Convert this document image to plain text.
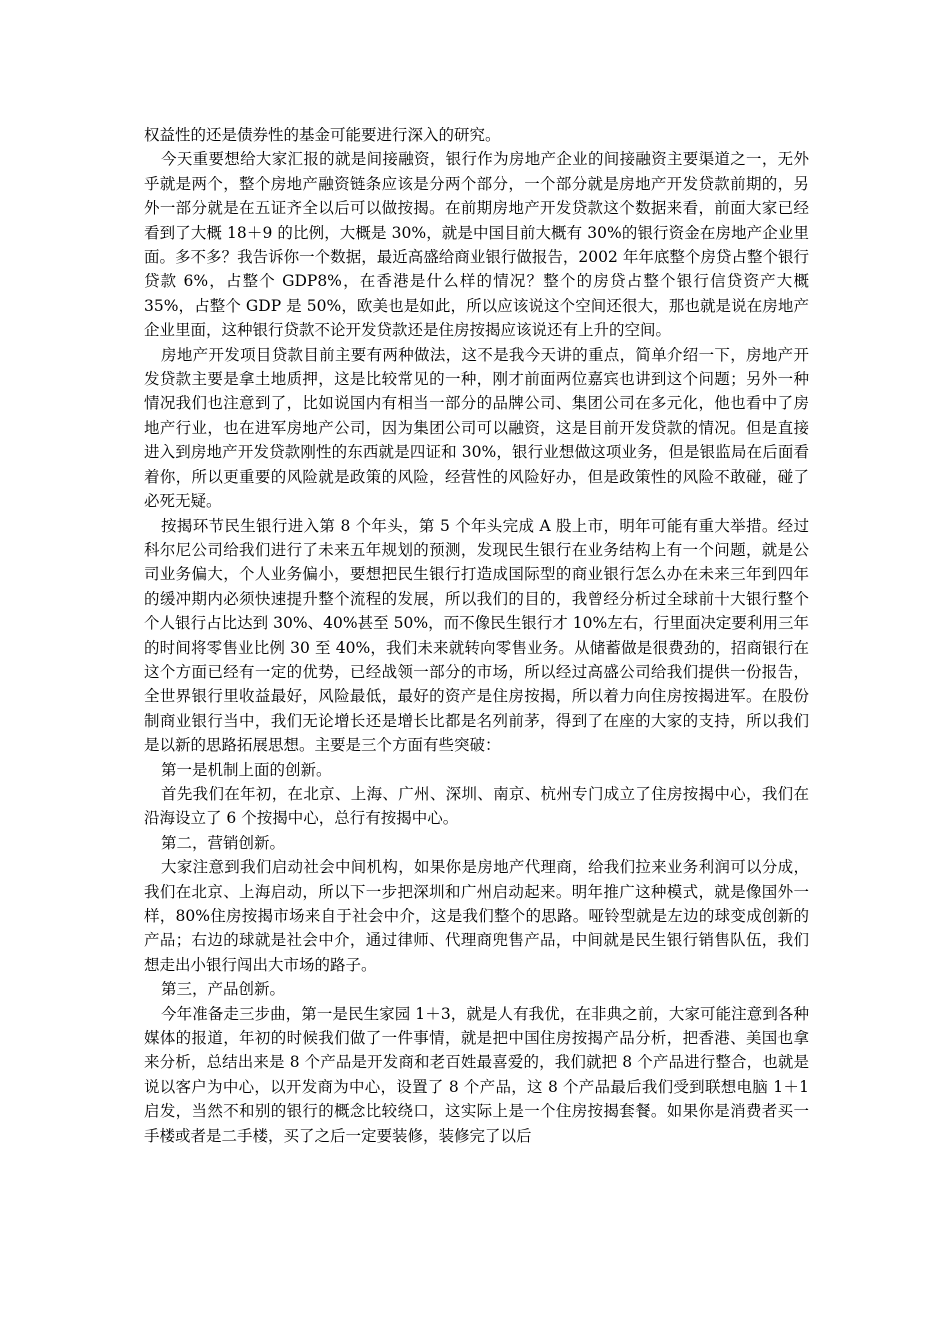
权益性的还是债券性的基金可能要进行深入的研究。

今天重要想给大家汇报的就是间接融资，银行作为房地产企业的间接融资主要渠道之一，无外乎就是两个，整个房地产融资链条应该是分两个部分，一个部分就是房地产开发贷款前期的，另外一部分就是在五证齐全以后可以做按揭。在前期房地产开发贷款这个数据来看，前面大家已经看到了大概 18＋9 的比例，大概是 30%，就是中国目前大概有 30%的银行资金在房地产企业里面。多不多？我告诉你一个数据，最近高盛给商业银行做报告，2002 年年底整个房贷占整个银行贷款 6%，占整个 GDP8%，在香港是什么样的情况？整个的房贷占整个银行信贷资产大概 35%，占整个 GDP 是 50%，欧美也是如此，所以应该说这个空间还很大，那也就是说在房地产企业里面，这种银行贷款不论开发贷款还是住房按揭应该说还有上升的空间。

房地产开发项目贷款目前主要有两种做法，这不是我今天讲的重点，简单介绍一下，房地产开发贷款主要是拿土地质押，这是比较常见的一种，刚才前面两位嘉宾也讲到这个问题；另外一种情况我们也注意到了，比如说国内有相当一部分的品牌公司、集团公司在多元化，他也看中了房地产行业，也在进军房地产公司，因为集团公司可以融资，这是目前开发贷款的情况。但是直接进入到房地产开发贷款刚性的东西就是四证和 30%，银行业想做这项业务，但是银监局在后面看着你，所以更重要的风险就是政策的风险，经营性的风险好办，但是政策性的风险不敢碰，碰了必死无疑。

按揭环节民生银行进入第 8 个年头，第 5 个年头完成 A 股上市，明年可能有重大举措。经过科尔尼公司给我们进行了未来五年规划的预测，发现民生银行在业务结构上有一个问题，就是公司业务偏大，个人业务偏小，要想把民生银行打造成国际型的商业银行怎么办在未来三年到四年的缓冲期内必须快速提升整个流程的发展，所以我们的目的，我曾经分析过全球前十大银行整个个人银行占比达到 30%、40%甚至 50%，而不像民生银行才 10%左右，行里面决定要利用三年的时间将零售业比例 30 至 40%，我们未来就转向零售业务。从储蓄做是很费劲的，招商银行在这个方面已经有一定的优势，已经战领一部分的市场，所以经过高盛公司给我们提供一份报告，全世界银行里收益最好，风险最低，最好的资产是住房按揭，所以着力向住房按揭进军。在股份制商业银行当中，我们无论增长还是增长比都是名列前茅，得到了在座的大家的支持，所以我们是以新的思路拓展思想。主要是三个方面有些突破：

第一是机制上面的创新。

首先我们在年初，在北京、上海、广州、深圳、南京、杭州专门成立了住房按揭中心，我们在沿海设立了 6 个按揭中心，总行有按揭中心。

第二，营销创新。

大家注意到我们启动社会中间机构，如果你是房地产代理商，给我们拉来业务利润可以分成，我们在北京、上海启动，所以下一步把深圳和广州启动起来。明年推广这种模式，就是像国外一样，80%住房按揭市场来自于社会中介，这是我们整个的思路。哑铃型就是左边的球变成创新的产品；右边的球就是社会中介，通过律师、代理商兜售产品，中间就是民生银行销售队伍，我们想走出小银行闯出大市场的路子。

第三，产品创新。

今年准备走三步曲，第一是民生家园 1＋3，就是人有我优，在非典之前，大家可能注意到各种媒体的报道，年初的时候我们做了一件事情，就是把中国住房按揭产品分析，把香港、美国也拿来分析，总结出来是 8 个产品是开发商和老百姓最喜爱的，我们就把 8 个产品进行整合，也就是说以客户为中心，以开发商为中心，设置了 8 个产品，这 8 个产品最后我们受到联想电脑 1＋1 启发，当然不和别的银行的概念比较绕口，这实际上是一个住房按揭套餐。如果你是消费者买一手楼或者是二手楼，买了之后一定要装修，装修完了以后
